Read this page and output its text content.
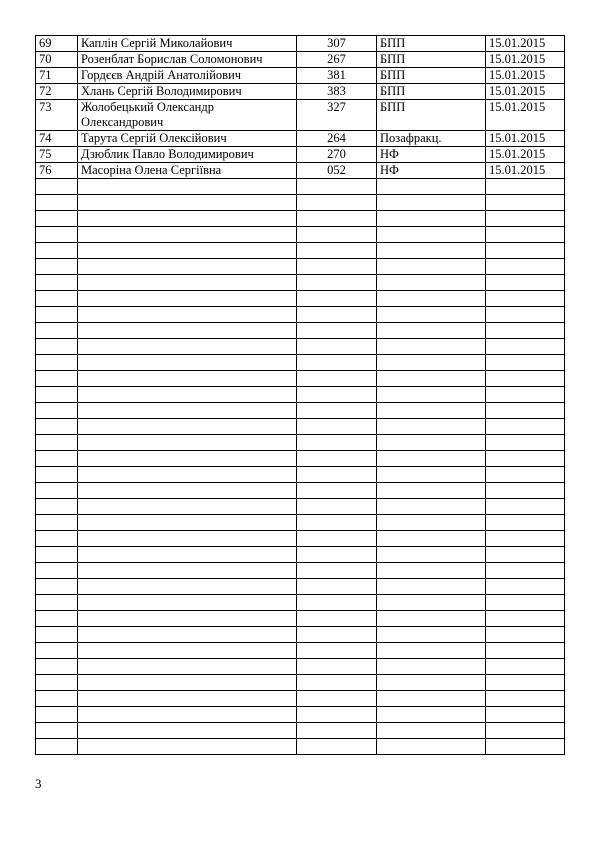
69	Каплін Сергій Миколайович	307	БПП	15.01.2015
70	Розенблат Борислав Соломонович	267	БПП	15.01.2015
71	Гордєєв Андрій Анатолійович	381	БПП	15.01.2015
72	Хлань Сергій Володимирович	383	БПП	15.01.2015
73	Жолобецький Олександр Олександрович	327	БПП	15.01.2015
74	Тарута Сергій Олексійович	264	Позафракц.	15.01.2015
75	Дзюблик Павло Володимирович	270	НФ	15.01.2015
76	Масоріна Олена Сергіївна	052	НФ	15.01.2015

3
